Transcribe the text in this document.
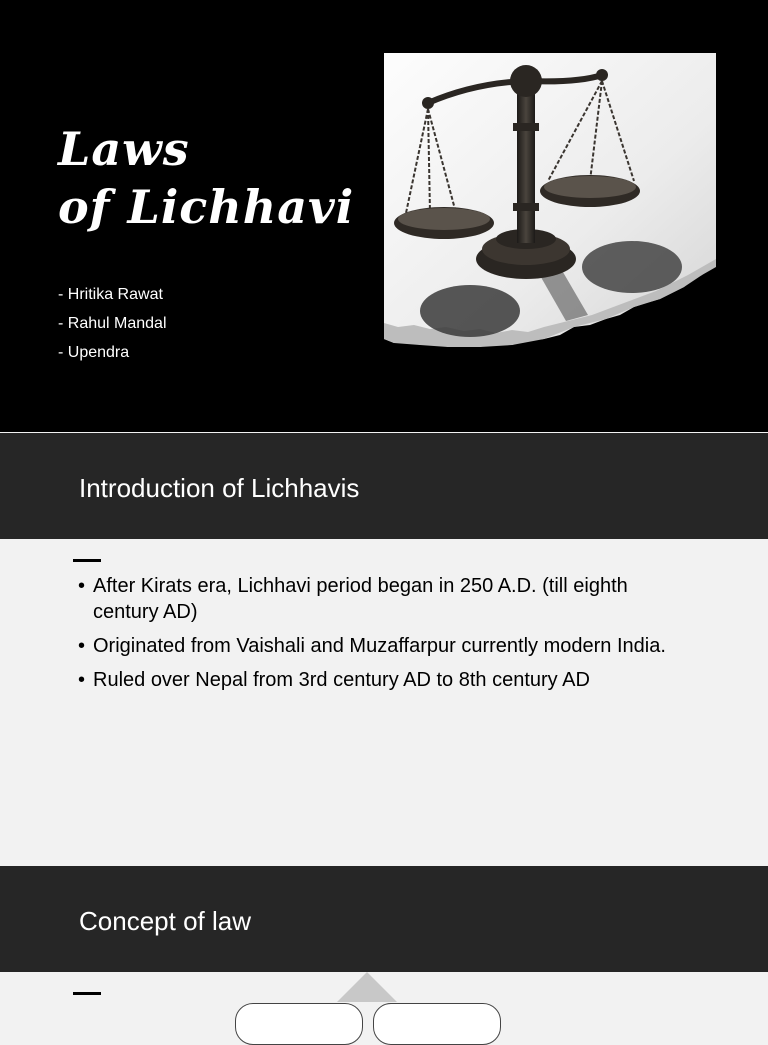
Laws
of Lichhavi
- Hritika Rawat
- Rahul Mandal
- Upendra
Introduction of Lichhavis
• After Kirats era, Lichhavi period began in 250 A.D. (till eighth century AD)
• Originated from Vaishali and Muzaffarpur currently modern India.
• Ruled over Nepal from 3rd century AD to 8th century AD
Concept of law
